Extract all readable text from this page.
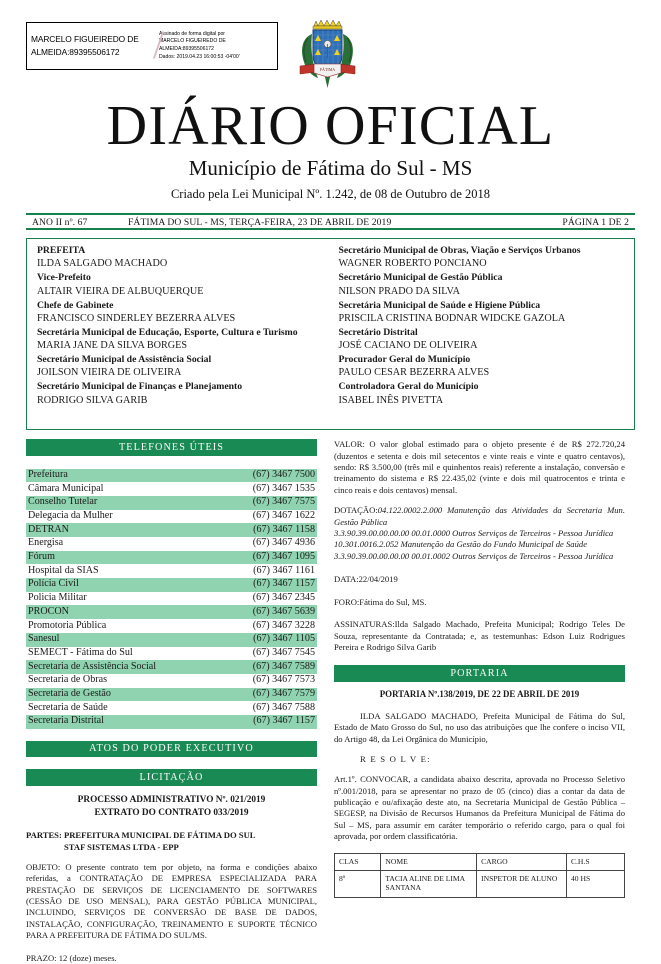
MARCELO FIGUEIREDO DE
ALMEIDA:89395506172 /
Assinado de forma digital por
MARCELO FIGUEIREDO DE
ALMEIDA:89395506172
Dados: 2019.04.23 16:00:53 -04'00'
FÁTIMA
DIÁRIO OFICIAL
Município de Fátima do Sul - MS

Criado pela Lei Municipal Nº. 1.242, de 08 de Outubro de 2018

ANO II nº. 67	FÁTIMA DO SUL - MS, TERÇA-FEIRA, 23 DE ABRIL DE 2019	PÁGINA 1 DE 2
PREFEITA
ILDA SALGADO MACHADO
Vice-Prefeito
ALTAIR VIEIRA DE ALBUQUERQUE
Chefe de Gabinete
FRANCISCO SINDERLEY BEZERRA ALVES
Secretária Municipal de Educação, Esporte, Cultura e Turismo
MARIA JANE DA SILVA BORGES
Secretário Municipal de Assistência Social
JOILSON VIEIRA DE OLIVEIRA
Secretário Municipal de Finanças e Planejamento
RODRIGO SILVA GARIB
Secretário Municipal de Obras, Viação e Serviços Urbanos
WAGNER ROBERTO PONCIANO
Secretário Municipal de Gestão Pública
NILSON PRADO DA SILVA
Secretária Municipal de Saúde e Higiene Pública
PRISCILA CRISTINA BODNAR WIDCKE GAZOLA
Secretário Distrital
JOSÉ CACIANO DE OLIVEIRA
Procurador Geral do Município
PAULO CESAR BEZERRA ALVES
Controladora Geral do Município
ISABEL INÊS PIVETTA
TELEFONES ÚTEIS
Prefeitura	(67) 3467 7500
Câmara Municipal	(67) 3467 1535
Conselho Tutelar	(67) 3467 7575
Delegacia da Mulher	(67) 3467 1622
DETRAN	(67) 3467 1158
Energisa	(67) 3467 4936
Fórum	(67) 3467 1095
Hospital da SIAS	(67) 3467 1161
Polícia Civil	(67) 3467 1157
Policia Militar	(67) 3467 2345
PROCON	(67) 3467 5639
Promotoria Pública	(67) 3467 3228
Sanesul	(67) 3467 1105
SEMECT - Fátima do Sul	(67) 3467 7545
Secretaria de Assistência Social	(67) 3467 7589
Secretaria de Obras	(67) 3467 7573
Secretaria de Gestão	(67) 3467 7579
Secretaria de Saúde	(67) 3467 7588
Secretaria Distrital	(67) 3467 1157
ATOS DO PODER EXECUTIVO
LICITAÇÃO
PROCESSO ADMINISTRATIVO Nº. 021/2019
EXTRATO DO CONTRATO 033/2019
PARTES: PREFEITURA MUNICIPAL DE FÁTIMA DO SUL
STAF SISTEMAS LTDA - EPP
OBJETO: O presente contrato tem por objeto, na forma e condições abaixo referidas, a CONTRATAÇÃO DE EMPRESA ESPECIALIZADA PARA PRESTAÇÃO DE SERVIÇOS DE LICENCIAMENTO DE SOFTWARES (CESSÃO DE USO MENSAL), PARA GESTÃO PÚBLICA MUNICIPAL, INCLUINDO, SERVIÇOS DE CONVERSÃO DE BASE DE DADOS, INSTALAÇÃO, CONFIGURAÇÃO, TREINAMENTO E SUPORTE TÉCNICO PARA A PREFEITURA DE FÁTIMA DO SUL/MS.
PRAZO: 12 (doze) meses.
VALOR: O valor global estimado para o objeto presente é de R$ 272.720,24 (duzentos e setenta e dois mil setecentos e vinte reais e vinte e quatro centavos), sendo: R$ 3.500,00 (três mil e quinhentos reais) referente a instalação, conversão e treinamento do sistema e R$ 22.435,02 (vinte e dois mil quatrocentos e trinta e cinco reais e dois centavos) mensal.
DOTAÇÃO:04.122.0002.2.000 Manutenção das Atividades da Secretaria Mun. Gestão Pública
3.3.90.39.00.00.00.00 00.01.0000 Outros Serviços de Terceiros - Pessoa Jurídica
10.301.0016.2.052 Manutenção da Gestão do Fundo Municipal de Saúde
3.3.90.39.00.00.00.00 00.01.0002 Outros Serviços de Terceiros - Pessoa Jurídica
DATA:22/04/2019
FORO:Fátima do Sul, MS.
ASSINATURAS:Ilda Salgado Machado, Prefeita Municipal; Rodrigo Teles De Souza, representante da Contratada; e, as testemunhas: Edson Luiz Rodrigues Pereira e Rodrigo Silva Garib
PORTARIA
PORTARIA Nº.138/2019, DE 22 DE ABRIL DE 2019
ILDA SALGADO MACHADO, Prefeita Municipal de Fátima do Sul, Estado de Mato Grosso do Sul, no uso das atribuições que lhe confere o inciso VII, do Artigo 48, da Lei Orgânica do Município,
R E S O L V E:
Art.1º. CONVOCAR, a candidata abaixo descrita, aprovada no Processo Seletivo nº.001/2018, para se apresentar no prazo de 05 (cinco) dias a contar da data de publicação e ou/afixação deste ato, na Secretaria Municipal de Gestão Pública – SEGESP, na Divisão de Recursos Humanos da Prefeitura Municipal de Fátima do Sul – MS, para assumir em caráter temporário o referido cargo, para o qual foi aprovada, por ordem classificatória.
CLAS	NOME	CARGO	C.H.S
8º	TACIA ALINE DE LIMA SANTANA	INSPETOR DE ALUNO	40 HS
